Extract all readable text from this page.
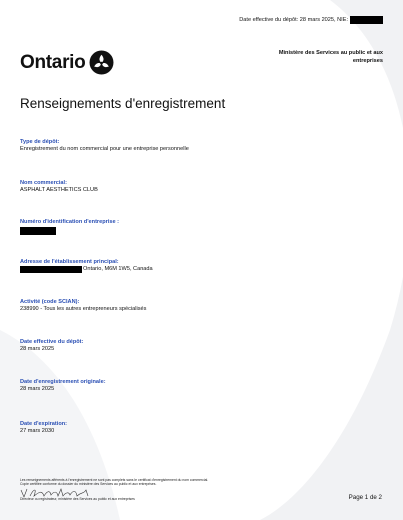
Date effective du dépôt: 28 mars 2025, NIE:
Ontario	Ministère des Services au public et aux entreprises
Renseignements d'enregistrement
Type de dépôt:
Enregistrement du nom commercial pour une entreprise personnelle
Nom commercial:
ASPHALT AESTHETICS CLUB
Numéro d'identification d'entreprise :
Adresse de l'établissement principal:
Ontario, M6M 1W5, Canada
Activité (code SCIAN):
238990 - Tous les autres entrepreneurs spécialisés
Date effective du dépôt:
28 mars 2025
Date d'enregistrement originale:
28 mars 2025
Date d'expiration:
27 mars 2030
Les renseignements afférents à l'enregistrement ne sont pas complets sans le certificat d'enregistrement du nom commercial.
Copie certifiée conforme du dossier du ministère des Services au public et aux entreprises.
Directeur ou registrateur, ministère des Services au public et aux entreprises	Page 1 de 2
